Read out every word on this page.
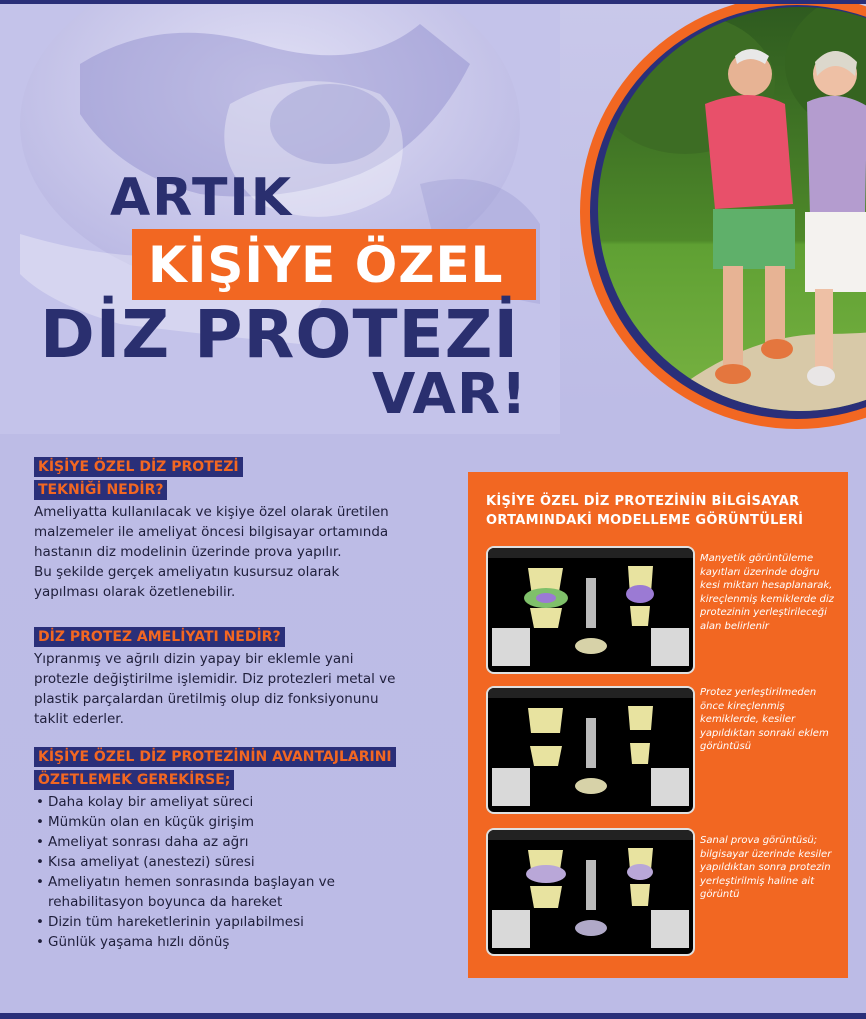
ARTIK
KİŞİYE ÖZEL
DİZ PROTEZİ
VAR!
KİŞİYE ÖZEL DİZ PROTEZİ
TEKNİĞİ NEDİR?
Ameliyatta kullanılacak ve kişiye özel olarak üretilen
malzemeler ile ameliyat öncesi bilgisayar ortamında
hastanın diz modelinin üzerinde prova yapılır.
Bu şekilde gerçek ameliyatın kusursuz olarak
yapılması olarak özetlenebilir.
DİZ PROTEZ AMELİYATI NEDİR?
Yıpranmış ve ağrılı dizin yapay bir eklemle yani
protezle değiştirilme işlemidir. Diz protezleri metal ve
plastik parçalardan üretilmiş olup diz fonksiyonunu
taklit ederler.
KİŞİYE ÖZEL DİZ PROTEZİNİN AVANTAJLARINI
ÖZETLEMEK GEREKİRSE;
• Daha kolay bir ameliyat süreci
• Mümkün olan en küçük girişim
• Ameliyat sonrası daha az ağrı
• Kısa ameliyat (anestezi) süresi
• Ameliyatın hemen sonrasında başlayan ve rehabilitasyon boyunca da hareket
• Dizin tüm hareketlerinin yapılabilmesi
• Günlük yaşama hızlı dönüş
KİŞİYE ÖZEL DİZ PROTEZİNİN BİLGİSAYAR
ORTAMINDAKİ MODELLEME GÖRÜNTÜLERİ
Manyetik görüntüleme kayıtları üzerinde doğru kesi miktarı hesaplanarak, kireçlenmiş kemiklerde diz protezinin yerleştirileceği alan belirlenir
Protez yerleştirilmeden önce kireçlenmiş kemiklerde, kesiler yapıldıktan sonraki eklem görüntüsü
Sanal prova görüntüsü; bilgisayar üzerinde kesiler yapıldıktan sonra protezin yerleştirilmiş haline ait görüntü
